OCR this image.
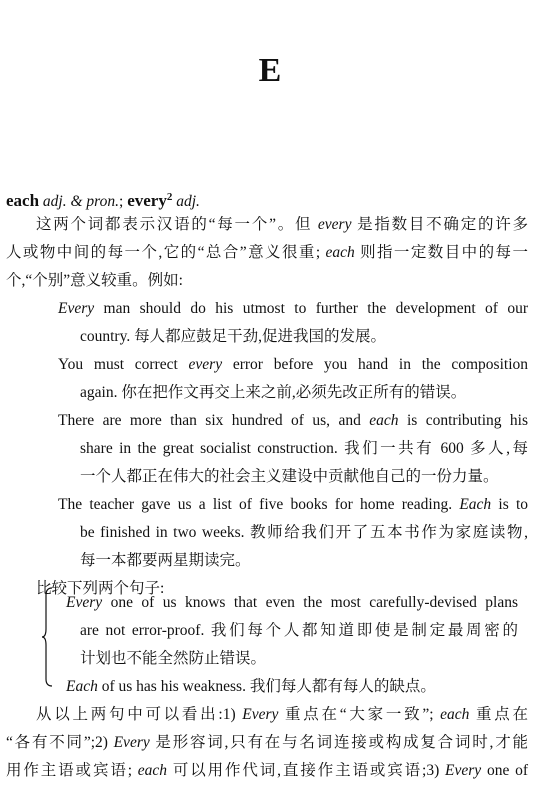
E
each adj. & pron.; every$^2$ adj.
这两个词都表示汉语的“每一个”。但 every 是指数目不确定的许多
人或物中间的每一个,它的“总合”意义很重; each 则指一定数目中的每一
个,“个别”意义较重。例如:
Every man should do his utmost to further the development of our
country. 每人都应鼓足干劲,促进我国的发展。
You must correct every error before you hand in the composition
again. 你在把作文再交上来之前,必须先改正所有的错误。
There are more than six hundred of us, and each is contributing his
share in the great socialist construction. 我们一共有 600 多人,每
一个人都正在伟大的社会主义建设中贡献他自己的一份力量。
The teacher gave us a list of five books for home reading. Each is to
be finished in two weeks. 教师给我们开了五本书作为家庭读物,
每一本都要两星期读完。
比较下列两个句子:
Every one of us knows that even the most carefully-devised plans
are not error-proof. 我们每个人都知道即使是制定最周密的
计划也不能全然防止错误。
Each of us has his weakness. 我们每人都有每人的缺点。
从以上两句中可以看出:1) Every 重点在“大家一致”; each 重点在
“各有不同”;2) Every 是形容词,只有在与名词连接或构成复合词时,才能
用作主语或宾语; each 可以用作代词,直接作主语或宾语;3) Every one of
